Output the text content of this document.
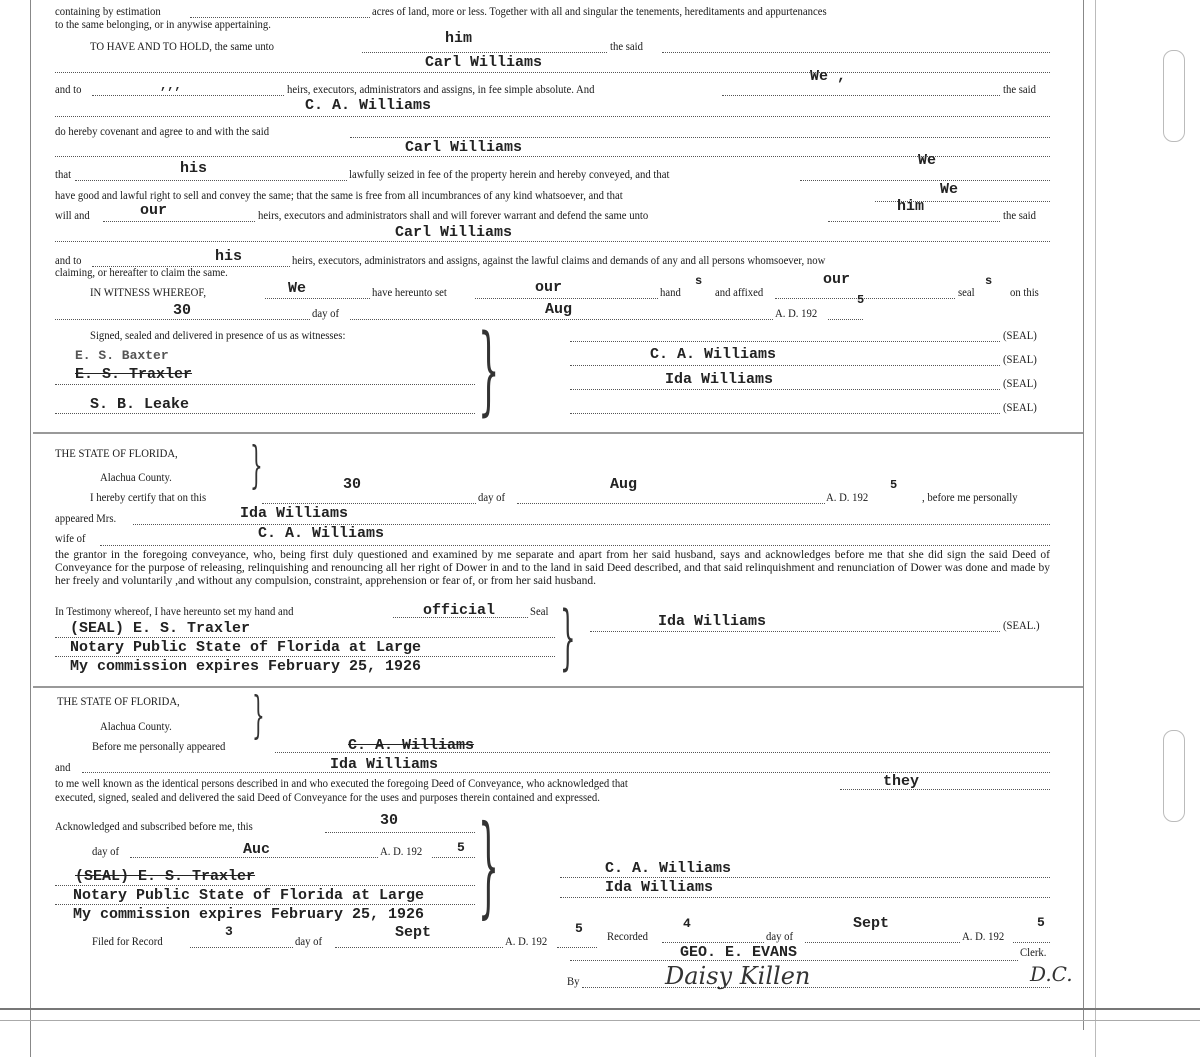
containing by estimation	acres of land, more or less. Together with all and singular the tenements, hereditaments and appurtenances
to the same belonging, or in anywise appertaining.
TO HAVE AND TO HOLD, the same unto	him	the said
Carl Williams
and to	,,,	heirs, executors, administrators and assigns, in fee simple absolute. And
We ,
the said
C. A. Williams
do hereby covenant and agree to and with the said
Carl Williams
that	his	lawfully seized in fee of the property herein and hereby conveyed, and that
We
have good and lawful right to sell and convey the same; that the same is free from all incumbrances of any kind whatsoever, and that	We
will and	our	heirs, executors and administrators shall and will forever warrant and defend the same unto
him
the said
Carl Williams
and to	his	heirs, executors, administrators and assigns, against the lawful claims and demands of any and all persons whomsoever, now
claiming, or hereafter to claim the same.
IN WITNESS WHEREOF,	We	have hereunto set	our	hand
s
and affixed
our
seal
s
on this
30	day of	Aug	A. D. 192
5
Signed, sealed and delivered in presence of us as witnesses: }
E. S. Baxter
E. S. Traxler
S. B. Leake
(SEAL)
C. A. Williams	(SEAL)
Ida Williams	(SEAL)
(SEAL)
THE STATE OF FLORIDA,
Alachua County. }
I hereby certify that on this
30
day of
Aug
A. D. 192
5
, before me personally
appeared Mrs.	Ida Williams
wife of	C. A. Williams
the grantor in the foregoing conveyance, who, being first duly questioned and examined by me separate and apart from her said husband, says and acknowledges before me that she did sign the said Deed of Conveyance for the purpose of releasing, relinquishing and renouncing all her right of Dower in and to the land in said Deed described, and that said relinquishment and renunciation of Dower was done and made by her freely and voluntarily ,and without any compulsion, constraint, apprehension or fear of, or from her said husband.
In Testimony whereof, I have hereunto set my hand and	official	Seal }
(SEAL) E. S. Traxler
Notary Public State of Florida at Large
My commission expires February 25, 1926
Ida Williams	(SEAL.)
THE STATE OF FLORIDA,
Alachua County. }
Before me personally appeared	C. A. Williams
and	Ida Williams
to me well known as the identical persons described in and who executed the foregoing Deed of Conveyance, who acknowledged that	they
executed, signed, sealed and delivered the said Deed of Conveyance for the uses and purposes therein contained and expressed.
Acknowledged and subscribed before me, this	30
day of	Auc	A. D. 192	5 }
(SEAL) E. S. Traxler
Notary Public State of Florida at Large
My commission expires February 25, 1926
C. A. Williams
Ida Williams
Filed for Record
3
day of
Sept
A. D. 192
5
Recorded
4
day of
Sept
A. D. 192
5
GEO. E. EVANS	Clerk.
By	Daisy Killen	D.C.
